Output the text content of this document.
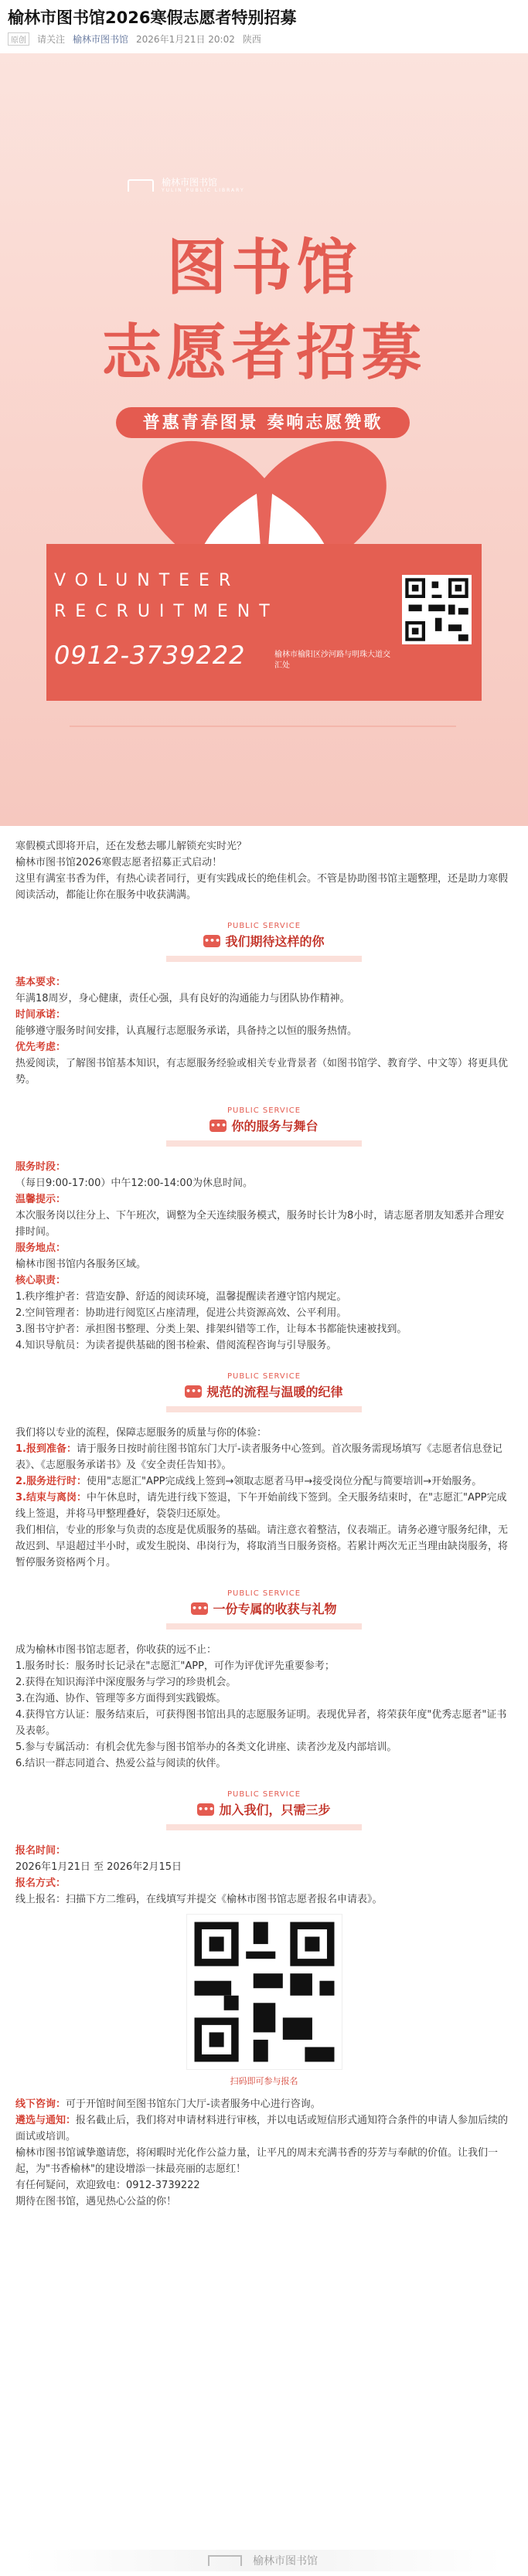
榆林市图书馆2026寒假志愿者特别招募
原创	请关注 榆林市图书馆 2026年1月21日 20:02 陕西
榆林市图书馆
YULIN PUBLIC LIBRARY
图书馆
志愿者招募
普惠青春图景 奏响志愿赞歌
VOLUNTEER
RECRUITMENT
0912-3739222	榆林市榆阳区沙河路与明珠大道交汇处

寒假模式即将开启，还在发愁去哪儿解锁充实时光？

榆林市图书馆2026寒假志愿者招募正式启动！

这里有满室书香为伴，有热心读者同行，更有实践成长的绝佳机会。不管是协助图书馆主题整理，还是助力寒假阅读活动，都能让你在服务中收获满满。

PUBLIC SERVICE
••• 我们期待这样的你

基本要求：

年满18周岁，身心健康，责任心强，具有良好的沟通能力与团队协作精神。

时间承诺：

能够遵守服务时间安排，认真履行志愿服务承诺，具备持之以恒的服务热情。

优先考虑：

热爱阅读，了解图书馆基本知识，有志愿服务经验或相关专业背景者（如图书馆学、教育学、中文等）将更具优势。

PUBLIC SERVICE
••• 你的服务与舞台

服务时段：

（每日9:00-17:00）中午12:00-14:00为休息时间。

温馨提示：

本次服务岗以往分上、下午班次，调整为全天连续服务模式，服务时长计为8小时，请志愿者朋友知悉并合理安排时间。

服务地点：

榆林市图书馆内各服务区域。

核心职责：

1.秩序维护者：营造安静、舒适的阅读环境，温馨提醒读者遵守馆内规定。

2.空间管理者：协助进行阅览区占座清理，促进公共资源高效、公平利用。

3.图书守护者：承担图书整理、分类上架、排架纠错等工作，让每本书都能快速被找到。

4.知识导航员：为读者提供基础的图书检索、借阅流程咨询与引导服务。

PUBLIC SERVICE
••• 规范的流程与温暖的纪律

我们将以专业的流程，保障志愿服务的质量与你的体验：

1.报到准备：请于服务日按时前往图书馆东门大厅-读者服务中心签到。首次服务需现场填写《志愿者信息登记表》、《志愿服务承诺书》及《安全责任告知书》。

2.服务进行时：使用"志愿汇"APP完成线上签到→领取志愿者马甲→接受岗位分配与简要培训→开始服务。

3.结束与离岗：中午休息时，请先进行线下签退，下午开始前线下签到。全天服务结束时，在"志愿汇"APP完成线上签退，并将马甲整理叠好，袋袋归还原处。

我们相信，专业的形象与负责的态度是优质服务的基础。请注意衣着整洁，仪表端正。请务必遵守服务纪律，无故迟到、早退超过半小时，或发生脱岗、串岗行为，将取消当日服务资格。若累计两次无正当理由缺岗服务，将暂停服务资格两个月。

PUBLIC SERVICE
••• 一份专属的收获与礼物

成为榆林市图书馆志愿者，你收获的远不止：

1.服务时长：服务时长记录在"志愿汇"APP，可作为评优评先重要参考；

2.获得在知识海洋中深度服务与学习的珍贵机会。

3.在沟通、协作、管理等多方面得到实践锻炼。

4.获得官方认证：服务结束后，可获得图书馆出具的志愿服务证明。表现优异者，将荣获年度"优秀志愿者"证书及表彰。

5.参与专属活动：有机会优先参与图书馆举办的各类文化讲座、读者沙龙及内部培训。

6.结识一群志同道合、热爱公益与阅读的伙伴。

PUBLIC SERVICE
••• 加入我们，只需三步

报名时间：

2026年1月21日 至 2026年2月15日

报名方式：

线上报名：扫描下方二维码，在线填写并提交《榆林市图书馆志愿者报名申请表》。

扫码即可参与报名

线下咨询：可于开馆时间至图书馆东门大厅-读者服务中心进行咨询。

遴选与通知：报名截止后，我们将对申请材料进行审核，并以电话或短信形式通知符合条件的申请人参加后续的面试或培训。

榆林市图书馆诚挚邀请您，将闲暇时光化作公益力量，让平凡的周末充满书香的芬芳与奉献的价值。让我们一起，为"书香榆林"的建设增添一抹最亮丽的志愿红！

有任何疑问，欢迎致电：0912-3739222

期待在图书馆，遇见热心公益的你！

榆林市图书馆
